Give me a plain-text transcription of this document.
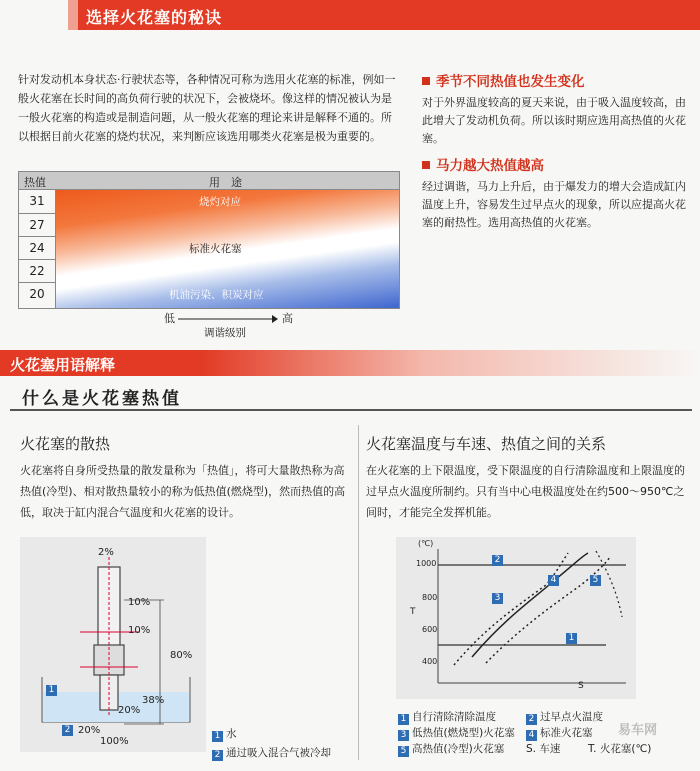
选择火花塞的秘诀
针对发动机本身状态·行驶状态等，各种情况可称为选用火花塞的标准，例如一般火花塞在长时间的高负荷行驶的状况下，会被烧坏。像这样的情况被认为是一般火花塞的构造或是制造问题，从一般火花塞的理论来讲是解释不通的。所以根据目前火花塞的烧灼状况，来判断应该选用哪类火花塞是极为重要的。
季节不同热值也发生变化
对于外界温度较高的夏天来说，由于吸入温度较高，由此增大了发动机负荷。所以该时期应选用高热值的火花塞。
马力越大热值越高
经过调谐，马力上升后，由于爆发力的增大会造成缸内温度上升，容易发生过早点火的现象，所以应提高火花塞的耐热性。选用高热值的火花塞。
热值	用　途
31
27
24
22
20
烧灼对应
标准火花塞
机油污染、积炭对应
低	高
调谐级别
火花塞用语解释
什么是火花塞热值
火花塞的散热
火花塞将自身所受热量的散发量称为「热值」，将可大量散热称为高热值(冷型)、相对散热量较小的称为低热值(燃烧型)，然而热值的高低，取决于缸内混合气温度和火花塞的设计。
2%
10%
10%
80%
38%
20%
20%
100%
1
2
1 水
2 通过吸入混合气被冷却
火花塞温度与车速、热值之间的关系
在火花塞的上下限温度，受下限温度的自行清除温度和上限温度的过早点火温度所制约。只有当中心电极温度处在约500～950℃之间时，才能完全发挥机能。
(℃)
1000
800
600
400
T
S
2
3
4	5
1
1 自行清除清除温度	2 过早点火温度
3 低热值(燃烧型)火花塞 4 标准火花塞
5 高热值(冷型)火花塞 S. 车速	T. 火花塞(℃)
易车网
